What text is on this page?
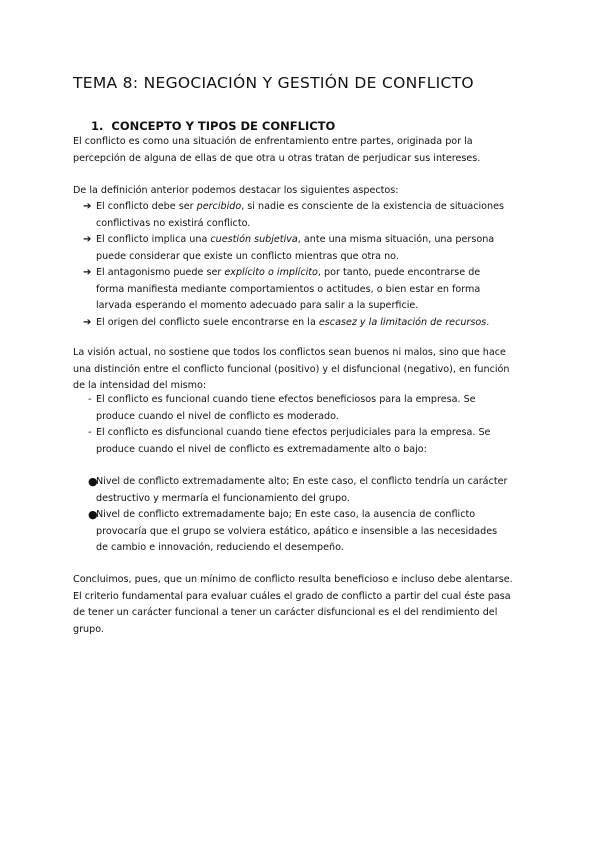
TEMA 8: NEGOCIACIÓN Y GESTIÓN DE CONFLICTO
1. CONCEPTO Y TIPOS DE CONFLICTO

El conflicto es como una situación de enfrentamiento entre partes, originada por la percepción de alguna de ellas de que otra u otras tratan de perjudicar sus intereses.

De la definición anterior podemos destacar los siguientes aspectos:

➔ El conflicto debe ser percibido, si nadie es consciente de la existencia de situaciones conflictivas no existirá conflicto.
➔ El conflicto implica una cuestión subjetiva, ante una misma situación, una persona puede considerar que existe un conflicto mientras que otra no.
➔ El antagonismo puede ser explícito o implícito, por tanto, puede encontrarse de forma manifiesta mediante comportamientos o actitudes, o bien estar en forma larvada esperando el momento adecuado para salir a la superficie.
➔ El origen del conflicto suele encontrarse en la escasez y la limitación de recursos.

La visión actual, no sostiene que todos los conflictos sean buenos ni malos, sino que hace una distinción entre el conflicto funcional (positivo) y el disfuncional (negativo), en función de la intensidad del mismo:

- El conflicto es funcional cuando tiene efectos beneficiosos para la empresa. Se produce cuando el nivel de conflicto es moderado.
- El conflicto es disfuncional cuando tiene efectos perjudiciales para la empresa. Se produce cuando el nivel de conflicto es extremadamente alto o bajo:
●
Nivel de conflicto extremadamente alto; En este caso, el conflicto tendría un carácter destructivo y mermaría el funcionamiento del grupo.
●
Nivel de conflicto extremadamente bajo; En este caso, la ausencia de conflicto provocaría que el grupo se volviera estático, apático e insensible a las necesidades de cambio e innovación, reduciendo el desempeño.

Concluimos, pues, que un mínimo de conflicto resulta beneficioso e incluso debe alentarse.

El criterio fundamental para evaluar cuáles el grado de conflicto a partir del cual éste pasa de tener un carácter funcional a tener un carácter disfuncional es el del rendimiento del grupo.
